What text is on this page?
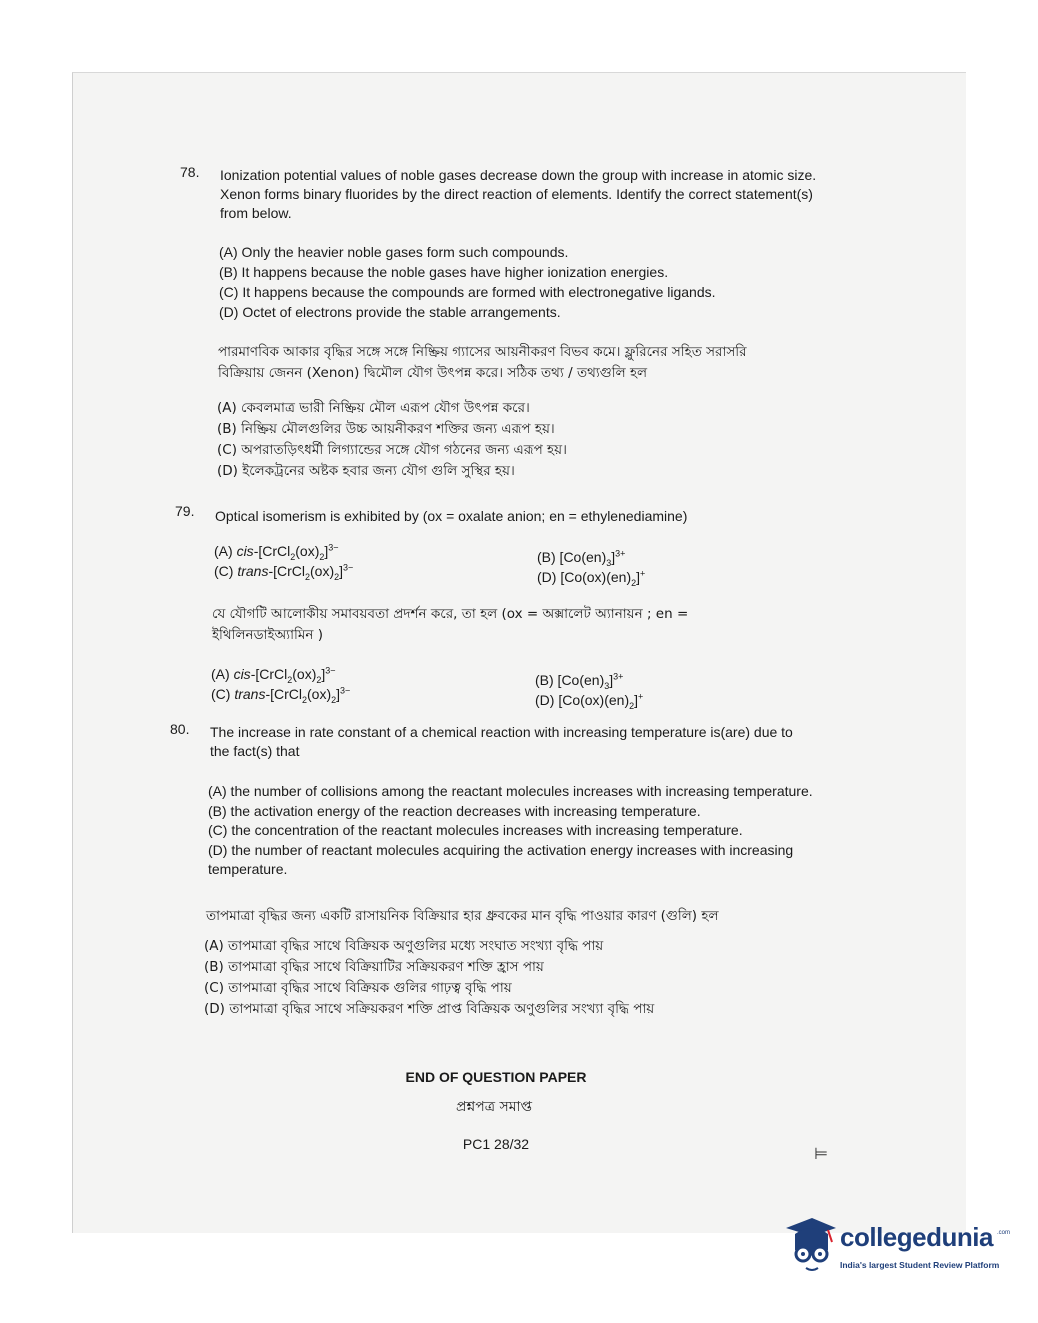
78. Ionization potential values of noble gases decrease down the group with increase in atomic size.
Xenon forms binary fluorides by the direct reaction of elements. Identify the correct statement(s)
from below.
(A) Only the heavier noble gases form such compounds.
(B) It happens because the noble gases have higher ionization energies.
(C) It happens because the compounds are formed with electronegative ligands.
(D) Octet of electrons provide the stable arrangements.
পারমাণবিক আকার বৃদ্ধির সঙ্গে সঙ্গে নিষ্ক্রিয় গ্যাসের আয়নীকরণ বিভব কমে। ফ্লুরিনের সহিত সরাসরি
বিক্রিয়ায় জেনন (Xenon) দ্বিমৌল যৌগ উৎপন্ন করে। সঠিক তথ্য / তথ্যগুলি হল
(A) কেবলমাত্র ভারী নিষ্ক্রিয় মৌল এরূপ যৌগ উৎপন্ন করে।
(B) নিষ্ক্রিয় মৌলগুলির উচ্চ আয়নীকরণ শক্তির জন্য এরূপ হয়।
(C) অপরাতড়িৎধর্মী লিগ্যান্ডের সঙ্গে যৌগ গঠনের জন্য এরূপ হয়।
(D) ইলেকট্রনের অষ্টক হবার জন্য যৌগ গুলি সুস্থির হয়।
79. Optical isomerism is exhibited by (ox = oxalate anion; en = ethylenediamine)
(A) cis-$[CrCl_2(ox)_2]^{3-}$
(C) trans-$[CrCl_2(ox)_2]^{3-}$
(B) $[Co(en)_3]^{3+}$
(D) $[Co(ox)(en)_2]^+$
যে যৌগটি আলোকীয় সমাবয়বতা প্রদর্শন করে, তা হল (ox = অক্সালেট অ্যানায়ন ; en =
ইথিলিনডাইঅ্যামিন )
(A) cis-$[CrCl_2(ox)_2]^{3-}$
(C) trans-$[CrCl_2(ox)_2]^{3-}$
(B) $[Co(en)_3]^{3+}$
(D) $[Co(ox)(en)_2]^+$
80. The increase in rate constant of a chemical reaction with increasing temperature is(are) due to
the fact(s) that
(A) the number of collisions among the reactant molecules increases with increasing temperature.
(B) the activation energy of the reaction decreases with increasing temperature.
(C) the concentration of the reactant molecules increases with increasing temperature.
(D) the number of reactant molecules acquiring the activation energy increases with increasing
temperature.
তাপমাত্রা বৃদ্ধির জন্য একটি রাসায়নিক বিক্রিয়ার হার ধ্রুবকের মান বৃদ্ধি পাওয়ার কারণ (গুলি) হল
(A) তাপমাত্রা বৃদ্ধির সাথে বিক্রিয়ক অণুগুলির মধ্যে সংঘাত সংখ্যা বৃদ্ধি পায়
(B) তাপমাত্রা বৃদ্ধির সাথে বিক্রিয়াটির সক্রিয়করণ শক্তি হ্রাস পায়
(C) তাপমাত্রা বৃদ্ধির সাথে বিক্রিয়ক গুলির গাঢ়ত্ব বৃদ্ধি পায়
(D) তাপমাত্রা বৃদ্ধির সাথে সক্রিয়করণ শক্তি প্রাপ্ত বিক্রিয়ক অণুগুলির সংখ্যা বৃদ্ধি পায়
END OF QUESTION PAPER
প্রশ্নপত্র সমাপ্ত
PC1 28/32
⊨
collegedunia .com
India's largest Student Review Platform
